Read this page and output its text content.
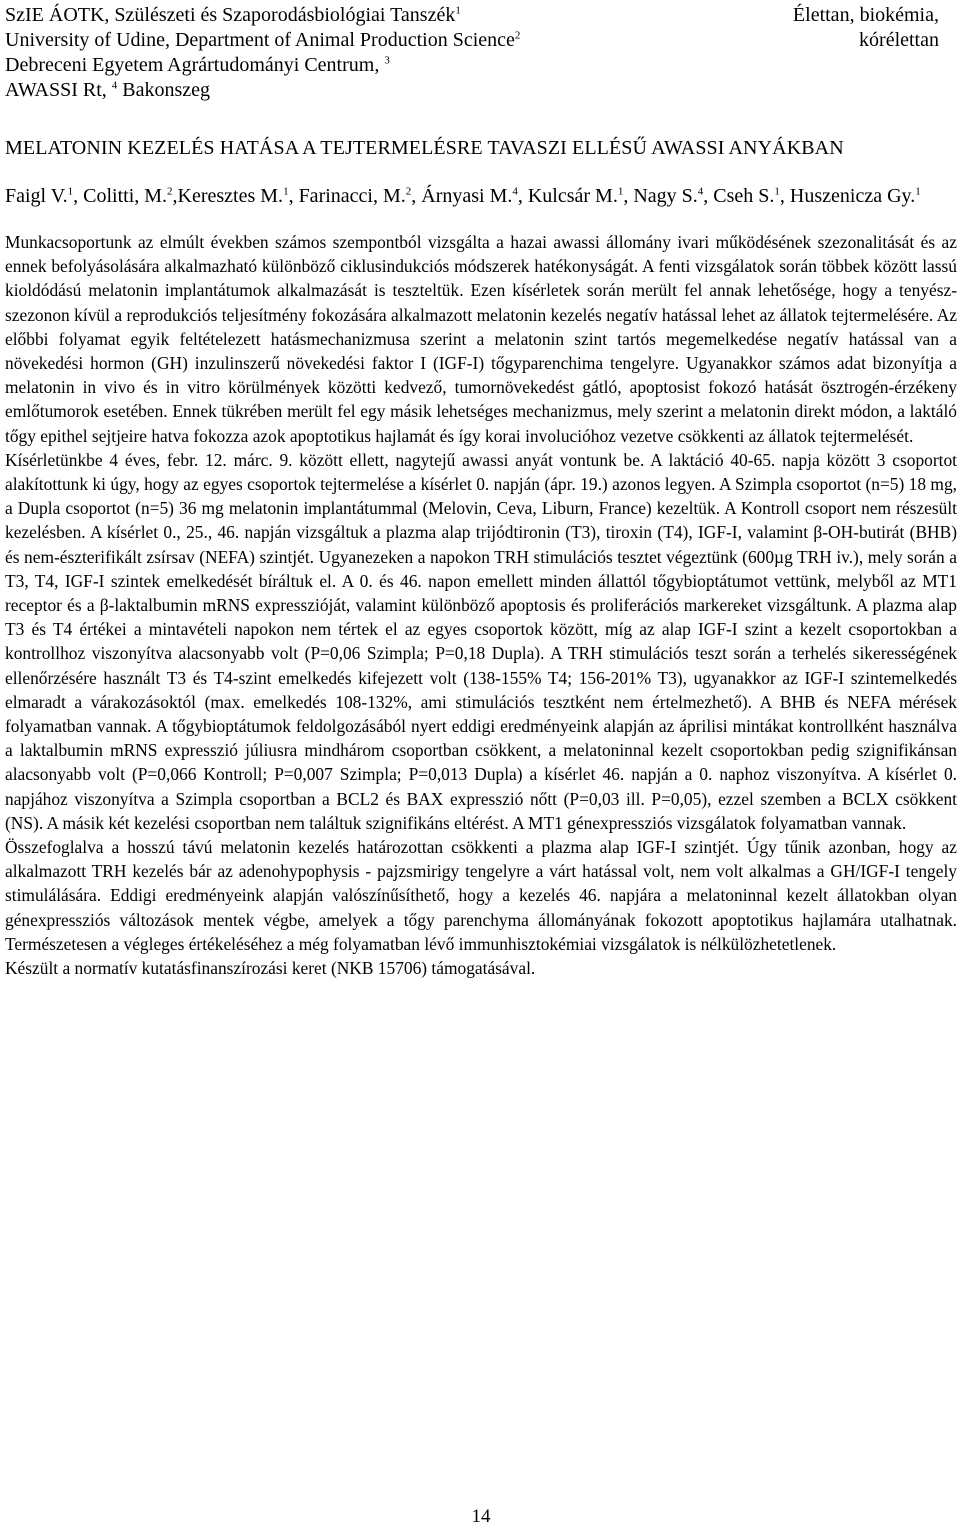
SzIE ÁOTK, Szülészeti és Szaporodásbiológiai Tanszék$^1$
University of Udine, Department of Animal Production Science$^2$
Debreceni Egyetem Agrártudományi Centrum, $^3$
AWASSI Rt, $^4$ Bakonszeg
Élettan, biokémia,
kórélettan
MELATONIN KEZELÉS HATÁSA A TEJTERMELÉSRE TAVASZI ELLÉSŰ AWASSI ANYÁKBAN
Faigl V.$^1$, Colitti, M.$^2$,Keresztes M.$^1$, Farinacci, M.$^2$, Árnyasi M.$^4$, Kulcsár M.$^1$, Nagy S.$^4$, Cseh S.$^1$, Huszenicza Gy.$^1$

Munkacsoportunk az elmúlt években számos szempontból vizsgálta a hazai awassi állomány ivari működésének szezonalitását és az ennek befolyásolására alkalmazható különböző ciklusindukciós módszerek hatékonyságát. A fenti vizsgálatok során többek között lassú kioldódású melatonin implantátumok alkalmazását is teszteltük. Ezen kísérletek során merült fel annak lehetősége, hogy a tenyész-szezonon kívül a reprodukciós teljesítmény fokozására alkalmazott melatonin kezelés negatív hatással lehet az állatok tejtermelésére. Az előbbi folyamat egyik feltételezett hatásmechanizmusa szerint a melatonin szint tartós megemelkedése negatív hatással van a növekedési hormon (GH) inzulinszerű növekedési faktor I (IGF-I) tőgyparenchima tengelyre. Ugyanakkor számos adat bizonyítja a melatonin in vivo és in vitro körülmények közötti kedvező, tumornövekedést gátló, apoptosist fokozó hatását ösztrogén-érzékeny emlőtumorok esetében. Ennek tükrében merült fel egy másik lehetséges mechanizmus, mely szerint a melatonin direkt módon, a laktáló tőgy epithel sejtjeire hatva fokozza azok apoptotikus hajlamát és így korai involucióhoz vezetve csökkenti az állatok tejtermelését.

Kísérletünkbe 4 éves, febr. 12. márc. 9. között ellett, nagytejű awassi anyát vontunk be. A laktáció 40-65. napja között 3 csoportot alakítottunk ki úgy, hogy az egyes csoportok tejtermelése a kísérlet 0. napján (ápr. 19.) azonos legyen. A Szimpla csoportot (n=5) 18 mg, a Dupla csoportot (n=5) 36 mg melatonin implantátummal (Melovin, Ceva, Liburn, France) kezeltük. A Kontroll csoport nem részesült kezelésben. A kísérlet 0., 25., 46. napján vizsgáltuk a plazma alap trijódtironin (T3), tiroxin (T4), IGF-I, valamint β-OH-butirát (BHB) és nem-észterifikált zsírsav (NEFA) szintjét. Ugyanezeken a napokon TRH stimulációs tesztet végeztünk (600µg TRH iv.), mely során a T3, T4, IGF-I szintek emelkedését bíráltuk el. A 0. és 46. napon emellett minden állattól tőgybioptátumot vettünk, melyből az MT1 receptor és a β-laktalbumin mRNS expresszióját, valamint különböző apoptosis és proliferációs markereket vizsgáltunk. A plazma alap T3 és T4 értékei a mintavételi napokon nem tértek el az egyes csoportok között, míg az alap IGF-I szint a kezelt csoportokban a kontrollhoz viszonyítva alacsonyabb volt (P=0,06 Szimpla; P=0,18 Dupla). A TRH stimulációs teszt során a terhelés sikerességének ellenőrzésére használt T3 és T4-szint emelkedés kifejezett volt (138-155% T4; 156-201% T3), ugyanakkor az IGF-I szintemelkedés elmaradt a várakozásoktól (max. emelkedés 108-132%, ami stimulációs tesztként nem értelmezhető). A BHB és NEFA mérések folyamatban vannak. A tőgybioptátumok feldolgozásából nyert eddigi eredményeink alapján az áprilisi mintákat kontrollként használva a laktalbumin mRNS expresszió júliusra mindhárom csoportban csökkent, a melatoninnal kezelt csoportokban pedig szignifikánsan alacsonyabb volt (P=0,066 Kontroll; P=0,007 Szimpla; P=0,013 Dupla) a kísérlet 46. napján a 0. naphoz viszonyítva. A kísérlet 0. napjához viszonyítva a Szimpla csoportban a BCL2 és BAX expresszió nőtt (P=0,03 ill. P=0,05), ezzel szemben a BCLX csökkent (NS). A másik két kezelési csoportban nem találtuk szignifikáns eltérést. A MT1 génexpressziós vizsgálatok folyamatban vannak.

Összefoglalva a hosszú távú melatonin kezelés határozottan csökkenti a plazma alap IGF-I szintjét. Úgy tűnik azonban, hogy az alkalmazott TRH kezelés bár az adenohypophysis - pajzsmirigy tengelyre a várt hatással volt, nem volt alkalmas a GH/IGF-I tengely stimulálására. Eddigi eredményeink alapján valószínűsíthető, hogy a kezelés 46. napjára a melatoninnal kezelt állatokban olyan génexpressziós változások mentek végbe, amelyek a tőgy parenchyma állományának fokozott apoptotikus hajlamára utalhatnak. Természetesen a végleges értékeléséhez a még folyamatban lévő immunhisztokémiai vizsgálatok is nélkülözhetetlenek.

Készült a normatív kutatásfinanszírozási keret (NKB 15706) támogatásával.

14
